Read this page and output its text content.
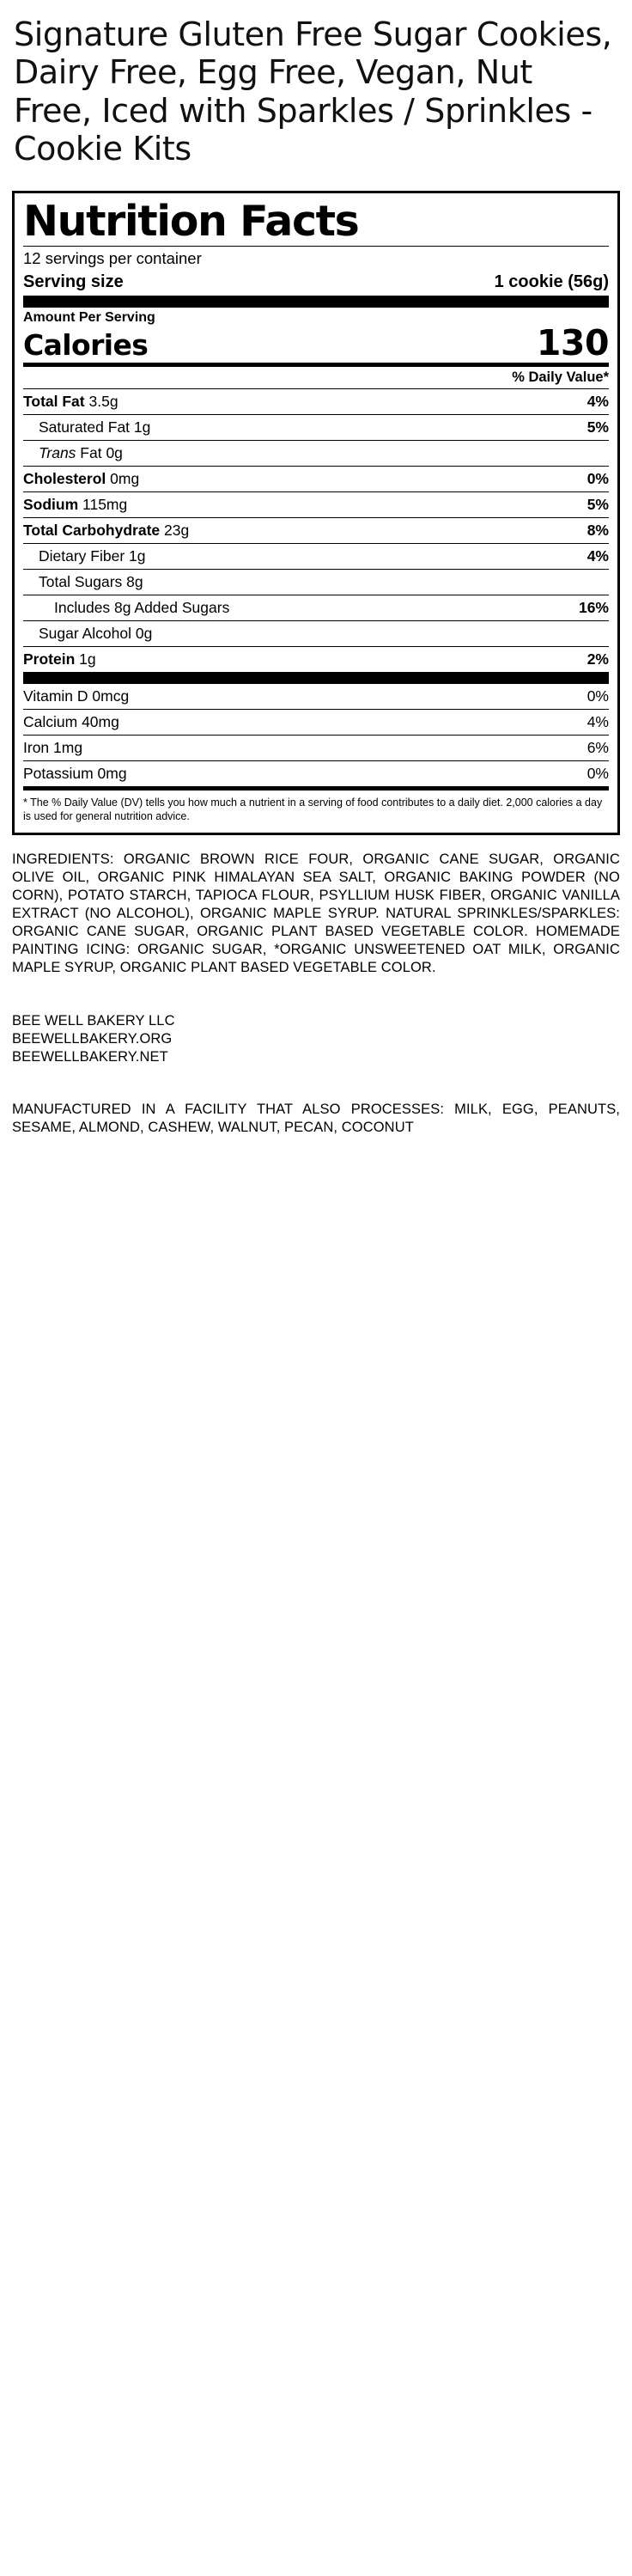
Signature Gluten Free Sugar Cookies, Dairy Free, Egg Free, Vegan, Nut Free, Iced with Sparkles / Sprinkles - Cookie Kits
Nutrition Facts
12 servings per container
Serving size	1 cookie (56g)
Amount Per Serving
Calories	130
% Daily Value*
Total Fat 3.5g	4%
Saturated Fat 1g	5%
Trans Fat 0g
Cholesterol 0mg	0%
Sodium 115mg	5%
Total Carbohydrate 23g	8%
Dietary Fiber 1g	4%
Total Sugars 8g
Includes 8g Added Sugars	16%
Sugar Alcohol 0g
Protein 1g	2%
Vitamin D 0mcg	0%
Calcium 40mg	4%
Iron 1mg	6%
Potassium 0mg	0%
* The % Daily Value (DV) tells you how much a nutrient in a serving of food contributes to a daily diet. 2,000 calories a day is used for general nutrition advice.
INGREDIENTS: ORGANIC BROWN RICE FOUR, ORGANIC CANE SUGAR, ORGANIC OLIVE OIL, ORGANIC PINK HIMALAYAN SEA SALT, ORGANIC BAKING POWDER (NO CORN), POTATO STARCH, TAPIOCA FLOUR, PSYLLIUM HUSK FIBER, ORGANIC VANILLA EXTRACT (NO ALCOHOL), ORGANIC MAPLE SYRUP. NATURAL SPRINKLES/SPARKLES: ORGANIC CANE SUGAR, ORGANIC PLANT BASED VEGETABLE COLOR. HOMEMADE PAINTING ICING: ORGANIC SUGAR, *ORGANIC UNSWEETENED OAT MILK, ORGANIC MAPLE SYRUP, ORGANIC PLANT BASED VEGETABLE COLOR.
BEE WELL BAKERY LLC
BEEWELLBAKERY.ORG
BEEWELLBAKERY.NET
MANUFACTURED IN A FACILITY THAT ALSO PROCESSES: MILK, EGG, PEANUTS, SESAME, ALMOND, CASHEW, WALNUT, PECAN, COCONUT
